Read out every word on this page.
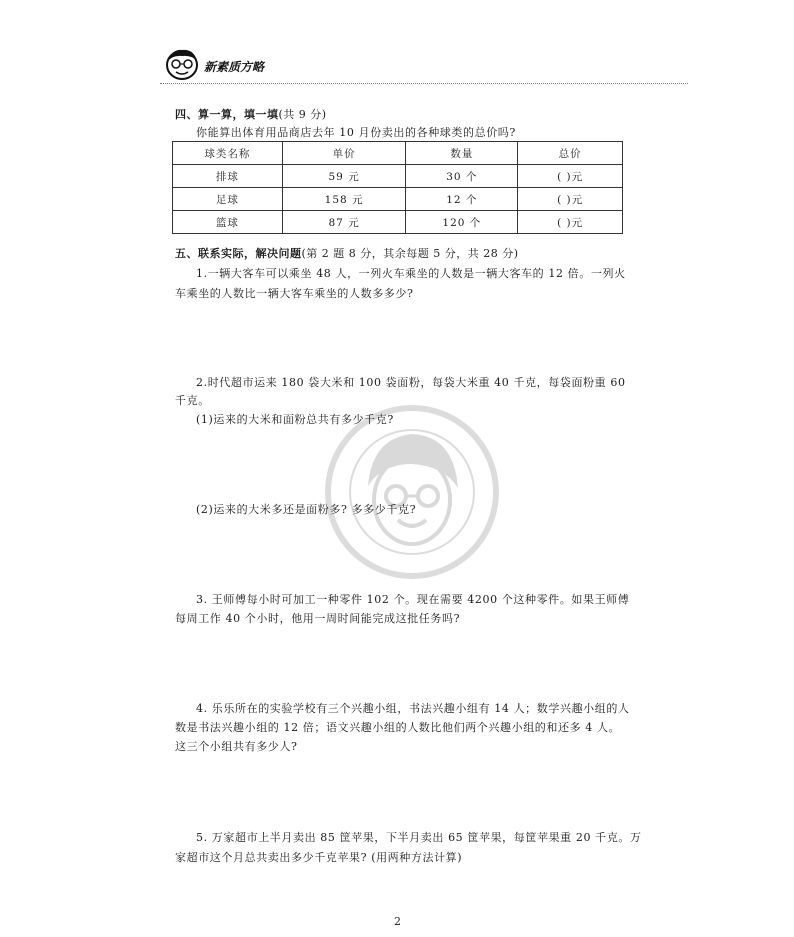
新素质方略
四、算一算，填一填(共 9 分)
你能算出体育用品商店去年 10 月份卖出的各种球类的总价吗?
球类名称	单价	数量	总价
排球	59 元	30 个	( )元
足球	158 元	12 个	( )元
篮球	87 元	120 个	( )元
五、联系实际，解决问题(第 2 题 8 分，其余每题 5 分，共 28 分)
1.一辆大客车可以乘坐 48 人，一列火车乘坐的人数是一辆大客车的 12 倍。一列火
车乘坐的人数比一辆大客车乘坐的人数多多少?
2.时代超市运来 180 袋大米和 100 袋面粉，每袋大米重 40 千克，每袋面粉重 60
千克。
(1)运来的大米和面粉总共有多少千克?
(2)运来的大米多还是面粉多? 多多少千克?
3. 王师傅每小时可加工一种零件 102 个。现在需要 4200 个这种零件。如果王师傅
每周工作 40 个小时，他用一周时间能完成这批任务吗?
4. 乐乐所在的实验学校有三个兴趣小组，书法兴趣小组有 14 人；数学兴趣小组的人
数是书法兴趣小组的 12 倍；语文兴趣小组的人数比他们两个兴趣小组的和还多 4 人。
这三个小组共有多少人?
5. 万家超市上半月卖出 85 筐苹果，下半月卖出 65 筐苹果，每筐苹果重 20 千克。万
家超市这个月总共卖出多少千克苹果? (用两种方法计算)
2
